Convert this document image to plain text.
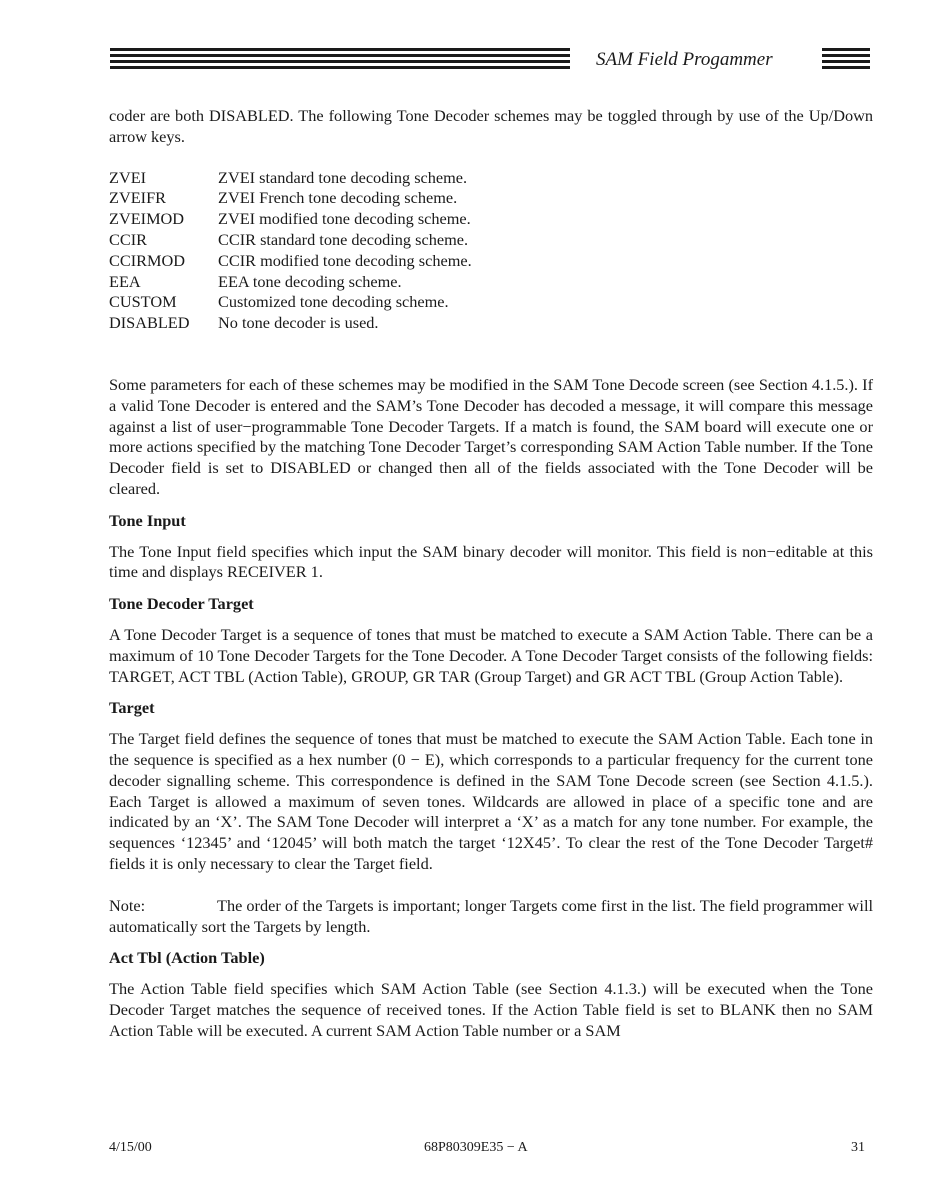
SAM Field Progammer

coder are both DISABLED. The following Tone Decoder schemes may be toggled through by use of the Up/Down arrow keys.

ZVEI	ZVEI standard tone decoding scheme.
ZVEIFR	ZVEI French tone decoding scheme.
ZVEIMOD	ZVEI modified tone decoding scheme.
CCIR	CCIR standard tone decoding scheme.
CCIRMOD	CCIR modified tone decoding scheme.
EEA	EEA tone decoding scheme.
CUSTOM	Customized tone decoding scheme.
DISABLED	No tone decoder is used.

Some parameters for each of these schemes may be modified in the SAM Tone Decode screen (see Section 4.1.5.). If a valid Tone Decoder is entered and the SAM’s Tone Decoder has decoded a message, it will compare this message against a list of user−programmable Tone Decoder Targets. If a match is found, the SAM board will execute one or more actions specified by the matching Tone Decoder Target’s corresponding SAM Action Table number. If the Tone Decoder field is set to DISABLED or changed then all of the fields associated with the Tone Decoder will be cleared.

Tone Input

The Tone Input field specifies which input the SAM binary decoder will monitor. This field is non−editable at this time and displays RECEIVER 1.

Tone Decoder Target

A Tone Decoder Target is a sequence of tones that must be matched to execute a SAM Action Table. There can be a maximum of 10 Tone Decoder Targets for the Tone Decoder. A Tone Decoder Target consists of the following fields: TARGET, ACT TBL (Action Table), GROUP, GR TAR (Group Target) and GR ACT TBL (Group Action Table).

Target

The Target field defines the sequence of tones that must be matched to execute the SAM Action Table. Each tone in the sequence is specified as a hex number (0 − E), which corresponds to a particular frequency for the current tone decoder signalling scheme. This correspondence is defined in the SAM Tone Decode screen (see Section 4.1.5.). Each Target is allowed a maximum of seven tones. Wildcards are allowed in place of a specific tone and are indicated by an ‘X’. The SAM Tone Decoder will interpret a ‘X’ as a match for any tone number. For example, the sequences ‘12345’ and ‘12045’ will both match the target ‘12X45’. To clear the rest of the Tone Decoder Target# fields it is only necessary to clear the Target field.

Note:	The order of the Targets is important; longer Targets come first in the list. The field programmer will automatically sort the Targets by length.

Act Tbl (Action Table)

The Action Table field specifies which SAM Action Table (see Section 4.1.3.) will be executed when the Tone Decoder Target matches the sequence of received tones. If the Action Table field is set to BLANK then no SAM Action Table will be executed. A current SAM Action Table number or a SAM

4/15/00	68P80309E35 − A	31
